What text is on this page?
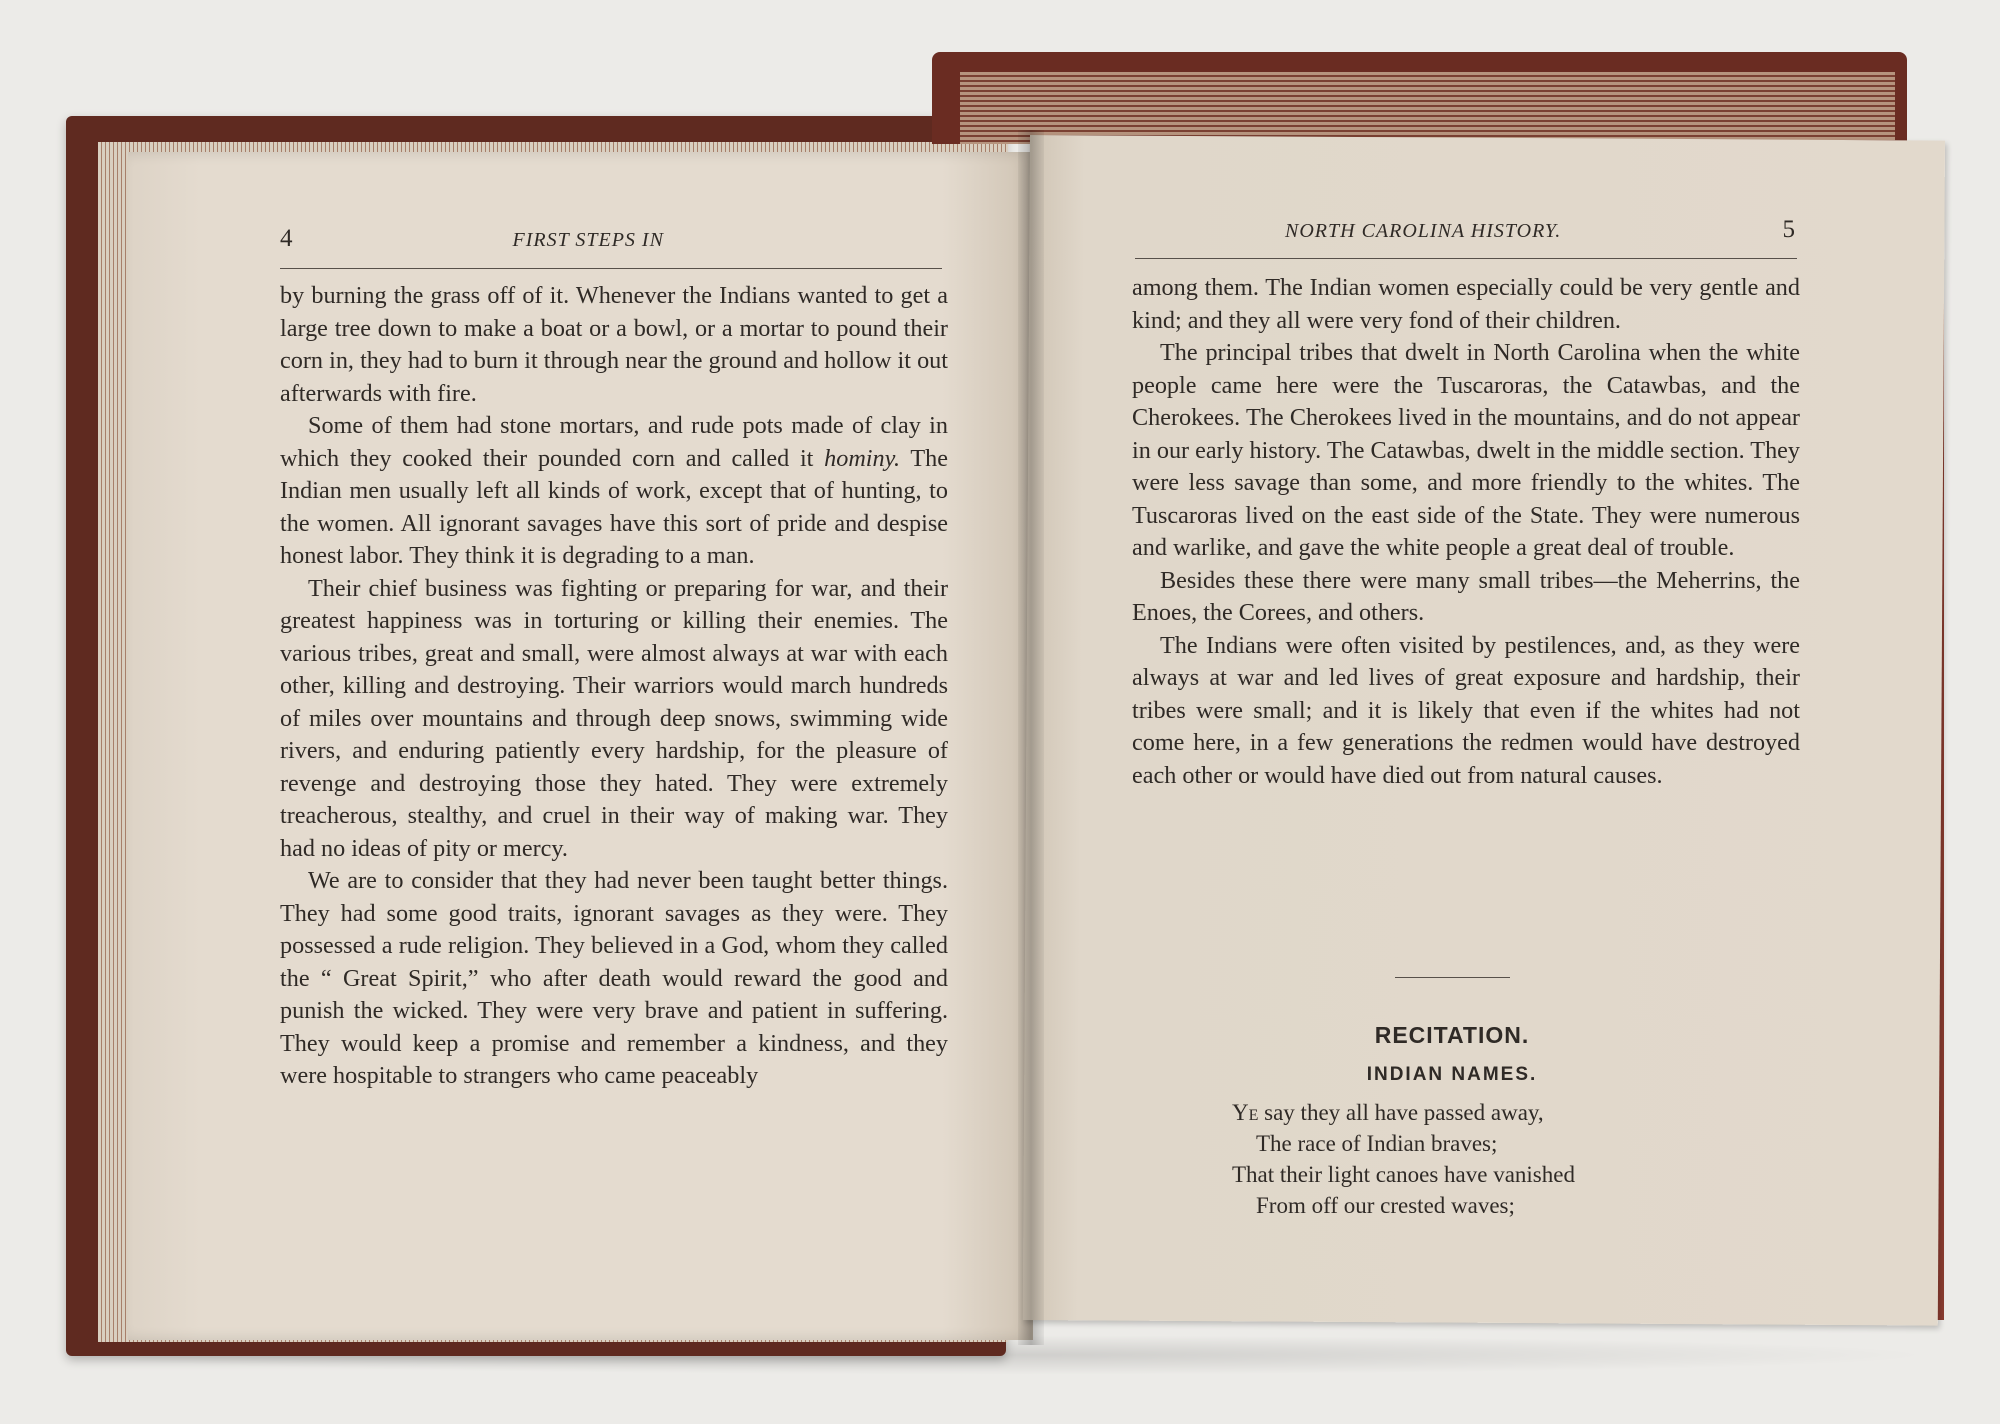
4	FIRST STEPS IN

by burning the grass off of it. Whenever the Indians wanted to get a large tree down to make a boat or a bowl, or a mortar to pound their corn in, they had to burn it through near the ground and hollow it out afterwards with fire.

Some of them had stone mortars, and rude pots made of clay in which they cooked their pounded corn and called it hominy. The Indian men usually left all kinds of work, except that of hunting, to the women. All ignorant savages have this sort of pride and despise honest labor. They think it is degrading to a man.

Their chief business was fighting or preparing for war, and their greatest happiness was in torturing or killing their enemies. The various tribes, great and small, were almost always at war with each other, killing and destroying. Their warriors would march hundreds of miles over mountains and through deep snows, swimming wide rivers, and enduring patiently every hardship, for the pleasure of revenge and destroying those they hated. They were extremely treacherous, stealthy, and cruel in their way of making war. They had no ideas of pity or mercy.

We are to consider that they had never been taught better things. They had some good traits, ignorant savages as they were. They possessed a rude religion. They believed in a God, whom they called the “ Great Spirit,” who after death would reward the good and punish the wicked. They were very brave and patient in suffering. They would keep a promise and remember a kindness, and they were hospitable to strangers who came peaceably

NORTH CAROLINA HISTORY.	5

among them. The Indian women especially could be very gentle and kind; and they all were very fond of their children.

The principal tribes that dwelt in North Carolina when the white people came here were the Tuscaroras, the Catawbas, and the Cherokees. The Cherokees lived in the mountains, and do not appear in our early history. The Catawbas, dwelt in the middle section. They were less savage than some, and more friendly to the whites. The Tuscaroras lived on the east side of the State. They were numerous and warlike, and gave the white people a great deal of trouble.

Besides these there were many small tribes—the Meherrins, the Enoes, the Corees, and others.

The Indians were often visited by pestilences, and, as they were always at war and led lives of great exposure and hardship, their tribes were small; and it is likely that even if the whites had not come here, in a few generations the redmen would have destroyed each other or would have died out from natural causes.

RECITATION.
INDIAN NAMES.
Ye say they all have passed away,
The race of Indian braves;
That their light canoes have vanished
From off our crested waves;
